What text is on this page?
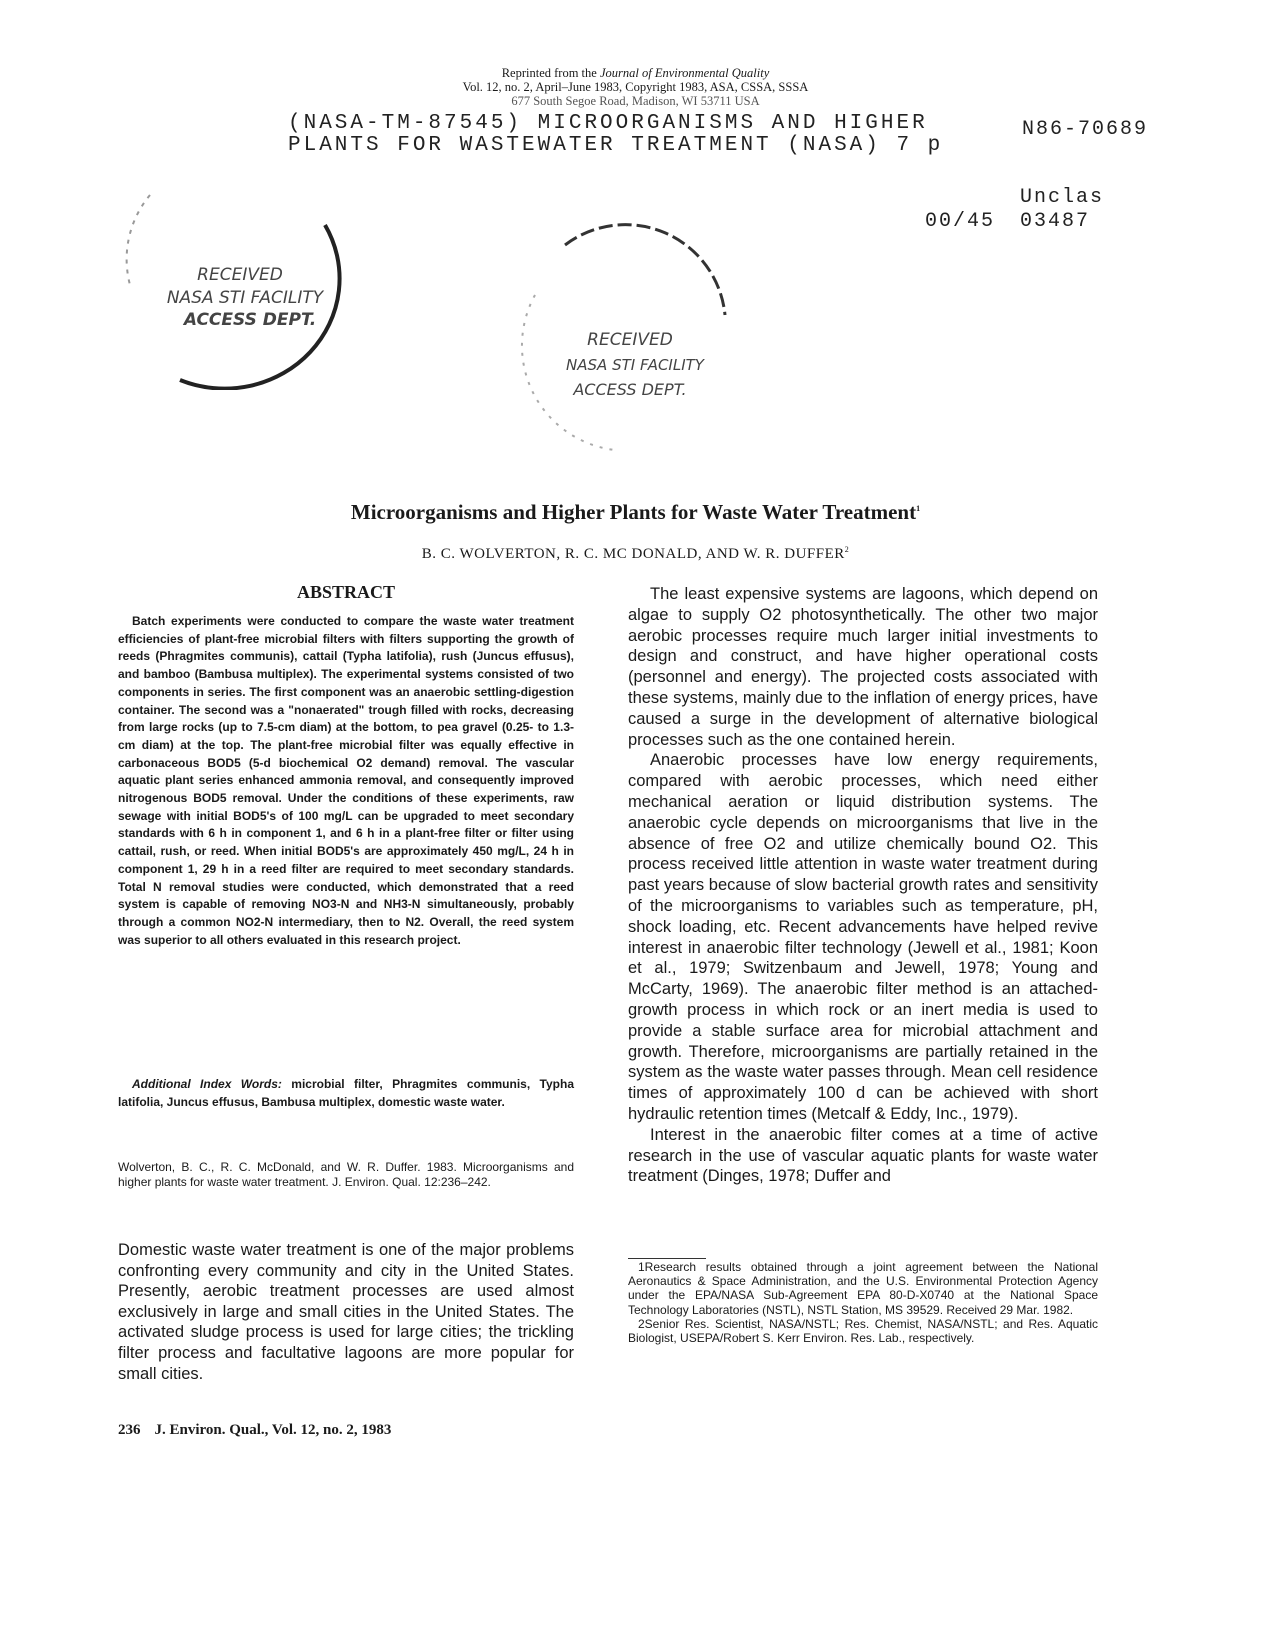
Reprinted from the Journal of Environmental Quality
Vol. 12, no. 2, April–June 1983, Copyright 1983, ASA, CSSA, SSSA
677 South Segoe Road, Madison, WI 53711 USA
(NASA-TM-87545) MICROORGANISMS AND HIGHER
PLANTS FOR WASTEWATER TREATMENT (NASA) 7 p
N86-70689
Unclas
00/45 03487
RECEIVED
NASA STI FACILITY
ACCESS DEPT.
RECEIVED
NASA STI FACILITY
ACCESS DEPT.
Microorganisms and Higher Plants for Waste Water Treatment$^1$
B. C. WOLVERTON, R. C. MC DONALD, AND W. R. DUFFER$^2$
ABSTRACT

Batch experiments were conducted to compare the waste water treatment efficiencies of plant-free microbial filters with filters supporting the growth of reeds (Phragmites communis), cattail (Typha latifolia), rush (Juncus effusus), and bamboo (Bambusa multiplex). The experimental systems consisted of two components in series. The first component was an anaerobic settling-digestion container. The second was a "nonaerated" trough filled with rocks, decreasing from large rocks (up to 7.5-cm diam) at the bottom, to pea gravel (0.25- to 1.3-cm diam) at the top. The plant-free microbial filter was equally effective in carbonaceous BOD5 (5-d biochemical O2 demand) removal. The vascular aquatic plant series enhanced ammonia removal, and consequently improved nitrogenous BOD5 removal. Under the conditions of these experiments, raw sewage with initial BOD5's of 100 mg/L can be upgraded to meet secondary standards with 6 h in component 1, and 6 h in a plant-free filter or filter using cattail, rush, or reed. When initial BOD5's are approximately 450 mg/L, 24 h in component 1, 29 h in a reed filter are required to meet secondary standards. Total N removal studies were conducted, which demonstrated that a reed system is capable of removing NO3-N and NH3-N simultaneously, probably through a common NO2-N intermediary, then to N2. Overall, the reed system was superior to all others evaluated in this research project.

Additional Index Words: microbial filter, Phragmites communis, Typha latifolia, Juncus effusus, Bambusa multiplex, domestic waste water.

Wolverton, B. C., R. C. McDonald, and W. R. Duffer. 1983. Microorganisms and higher plants for waste water treatment. J. Environ. Qual. 12:236–242.

Domestic waste water treatment is one of the major problems confronting every community and city in the United States. Presently, aerobic treatment processes are used almost exclusively in large and small cities in the United States. The activated sludge process is used for large cities; the trickling filter process and facultative lagoons are more popular for small cities.

The least expensive systems are lagoons, which depend on algae to supply O2 photosynthetically. The other two major aerobic processes require much larger initial investments to design and construct, and have higher operational costs (personnel and energy). The projected costs associated with these systems, mainly due to the inflation of energy prices, have caused a surge in the development of alternative biological processes such as the one contained herein.

Anaerobic processes have low energy requirements, compared with aerobic processes, which need either mechanical aeration or liquid distribution systems. The anaerobic cycle depends on microorganisms that live in the absence of free O2 and utilize chemically bound O2. This process received little attention in waste water treatment during past years because of slow bacterial growth rates and sensitivity of the microorganisms to variables such as temperature, pH, shock loading, etc. Recent advancements have helped revive interest in anaerobic filter technology (Jewell et al., 1981; Koon et al., 1979; Switzenbaum and Jewell, 1978; Young and McCarty, 1969). The anaerobic filter method is an attached-growth process in which rock or an inert media is used to provide a stable surface area for microbial attachment and growth. Therefore, microorganisms are partially retained in the system as the waste water passes through. Mean cell residence times of approximately 100 d can be achieved with short hydraulic retention times (Metcalf & Eddy, Inc., 1979).

Interest in the anaerobic filter comes at a time of active research in the use of vascular aquatic plants for waste water treatment (Dinges, 1978; Duffer and

1Research results obtained through a joint agreement between the National Aeronautics & Space Administration, and the U.S. Environmental Protection Agency under the EPA/NASA Sub-Agreement EPA 80-D-X0740 at the National Space Technology Laboratories (NSTL), NSTL Station, MS 39529. Received 29 Mar. 1982.

2Senior Res. Scientist, NASA/NSTL; Res. Chemist, NASA/NSTL; and Res. Aquatic Biologist, USEPA/Robert S. Kerr Environ. Res. Lab., respectively.

236 J. Environ. Qual., Vol. 12, no. 2, 1983
